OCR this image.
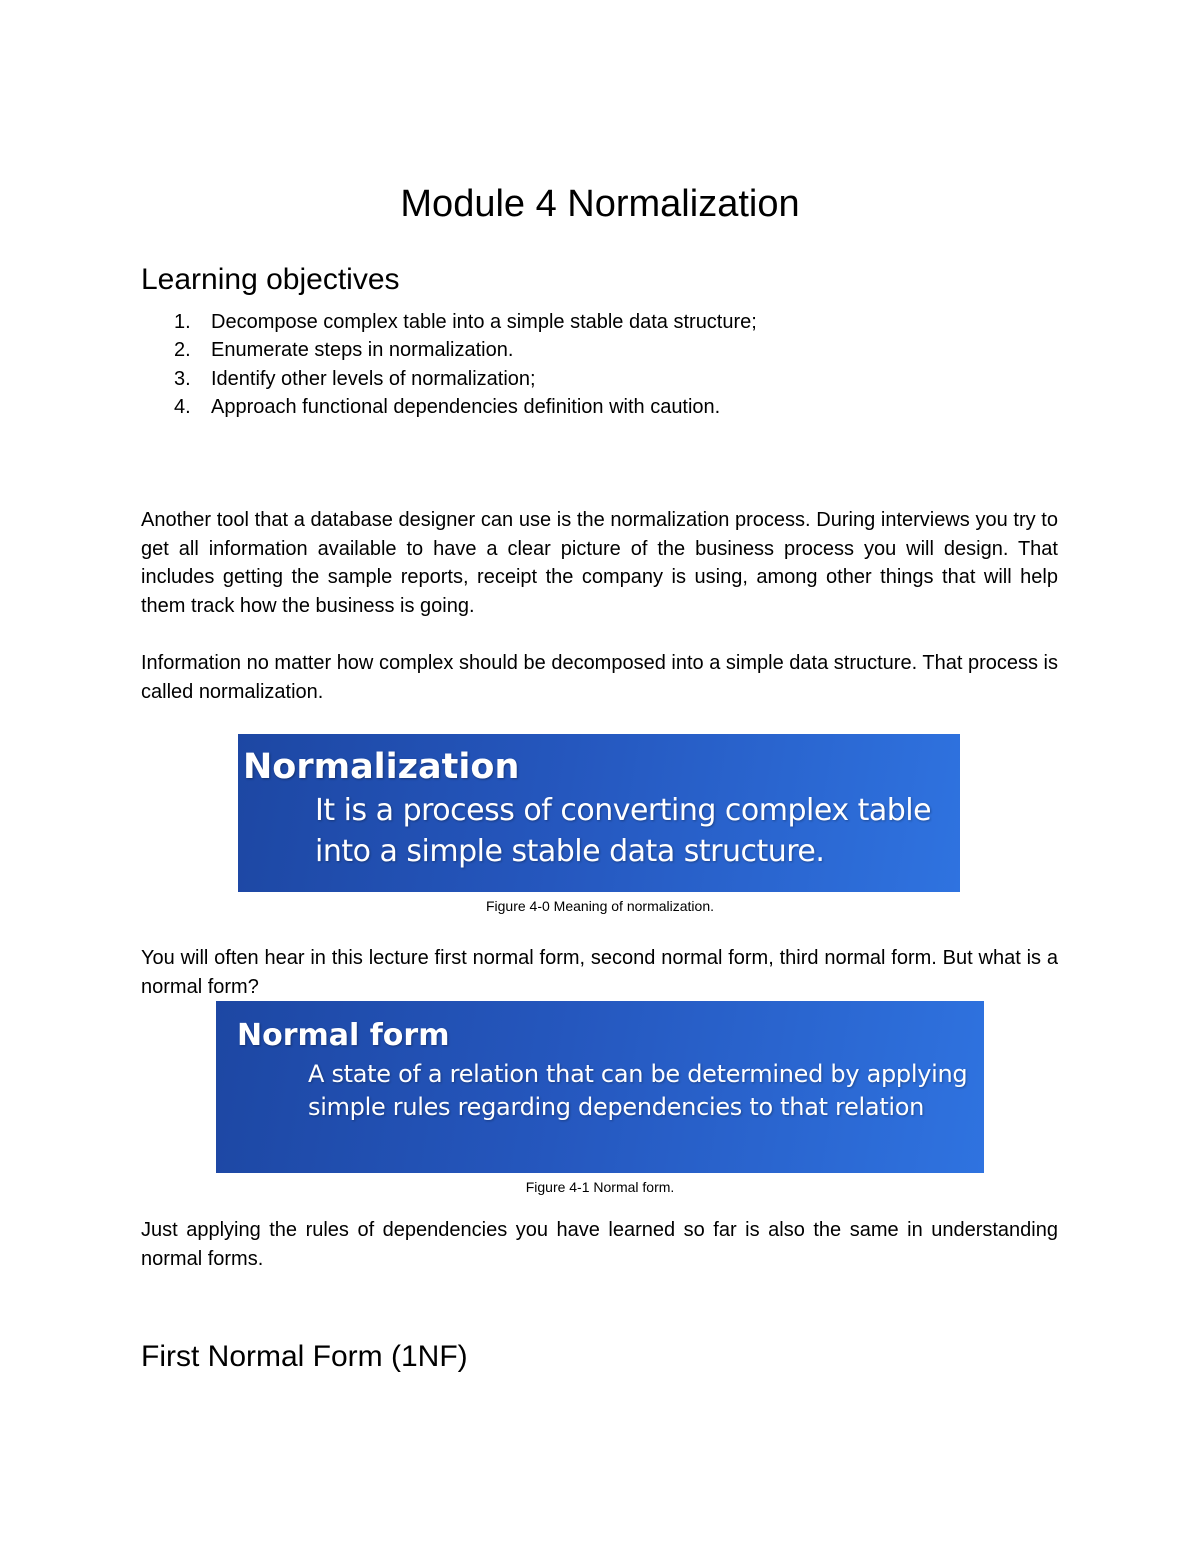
Module 4 Normalization
Learning objectives
1. Decompose complex table into a simple stable data structure;
2. Enumerate steps in normalization.
3. Identify other levels of normalization;
4. Approach functional dependencies definition with caution.

Another tool that a database designer can use is the normalization process. During interviews you try to get all information available to have a clear picture of the business process you will design. That includes getting the sample reports, receipt the company is using, among other things that will help them track how the business is going.

Information no matter how complex should be decomposed into a simple data structure. That process is called normalization.

Normalization

It is a process of converting complex table into a simple stable data structure.

Figure 4-0 Meaning of normalization.

You will often hear in this lecture first normal form, second normal form, third normal form. But what is a normal form?

Normal form

A state of a relation that can be determined by applying simple rules regarding dependencies to that relation

Figure 4-1 Normal form.

Just applying the rules of dependencies you have learned so far is also the same in understanding normal forms.

First Normal Form (1NF)
